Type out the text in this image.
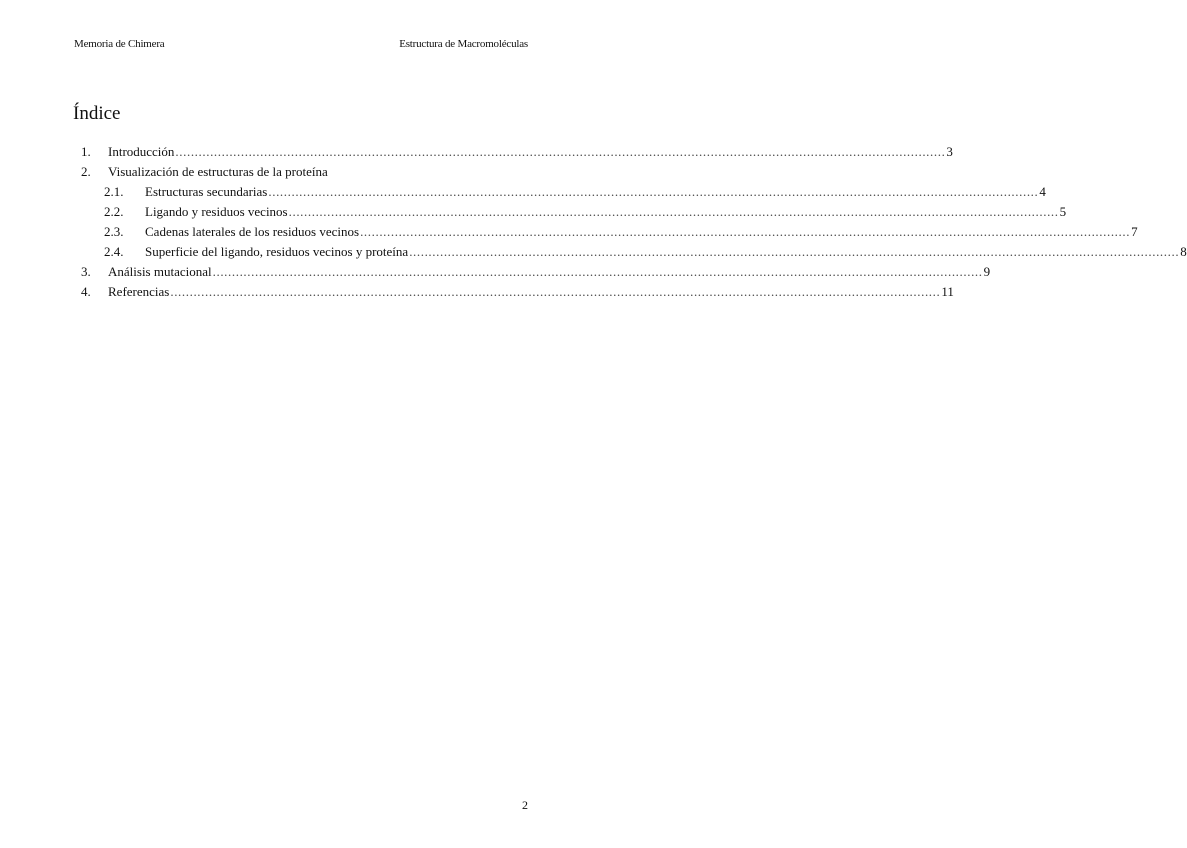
Memoria de Chimera	Estructura de Macromoléculas
Índice
1. Introducción ........................................................................................................................................................................................................ 3
2. Visualización de estructuras de la proteína
2.1. Estructuras secundarias ........................................................................................................................................................................................................ 4
2.2. Ligando y residuos vecinos ........................................................................................................................................................................................................ 5
2.3. Cadenas laterales de los residuos vecinos ........................................................................................................................................................................................................ 7
2.4. Superficie del ligando, residuos vecinos y proteína ........................................................................................................................................................................................................ 8
3. Análisis mutacional ........................................................................................................................................................................................................ 9
4. Referencias ........................................................................................................................................................................................................ 11
2
